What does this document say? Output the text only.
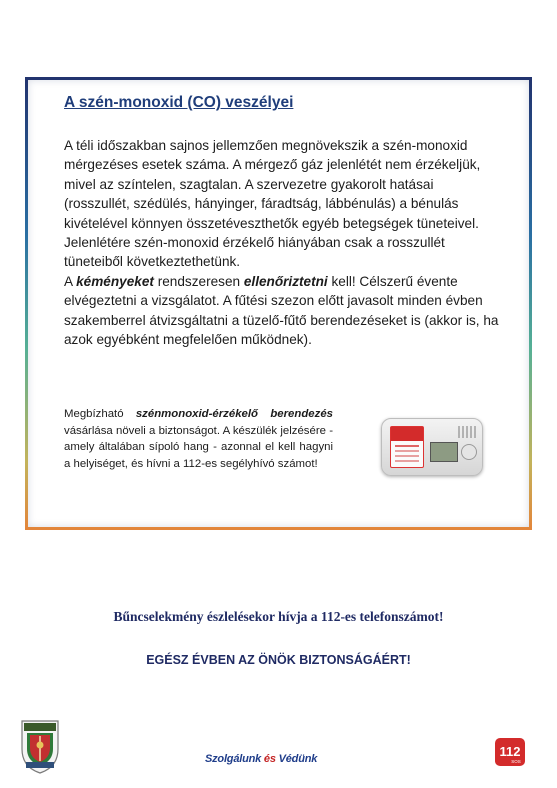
A szén-monoxid (CO) veszélyei

A téli időszakban sajnos jellemzően megnövekszik a szén-monoxid mérgezéses esetek száma. A mérgező gáz jelenlétét nem érzékeljük, mivel az színtelen, szagtalan. A szervezetre gyakorolt hatásai (rosszullét, szédülés, hányinger, fáradtság, lábbénulás) a bénulás kivételével könnyen összetéveszthetők egyéb betegségek tüneteivel. Jelenlétére szén-monoxid érzékelő hiányában csak a rosszullét tüneteiből következtethetünk.

A kéményeket rendszeresen ellenőriztetni kell! Célszerű évente elvégeztetni a vizsgálatot. A fűtési szezon előtt javasolt minden évben szakemberrel átvizsgáltatni a tüzelő-fűtő berendezéseket is (akkor is, ha azok egyébként megfelelően működnek).

Megbízható szénmonoxid-érzékelő berendezés vásárlása növeli a biztonságot. A készülék jelzésére - amely általában sípoló hang - azonnal el kell hagyni a helyiséget, és hívni a 112-es segélyhívó számot!

Bűncselekmény észlelésekor hívja a 112-es telefonszámot!

EGÉSZ ÉVBEN AZ ÖNÖK BIZTONSÁGÁÉRT!

Szolgálunk és Védünk	112
SOS
